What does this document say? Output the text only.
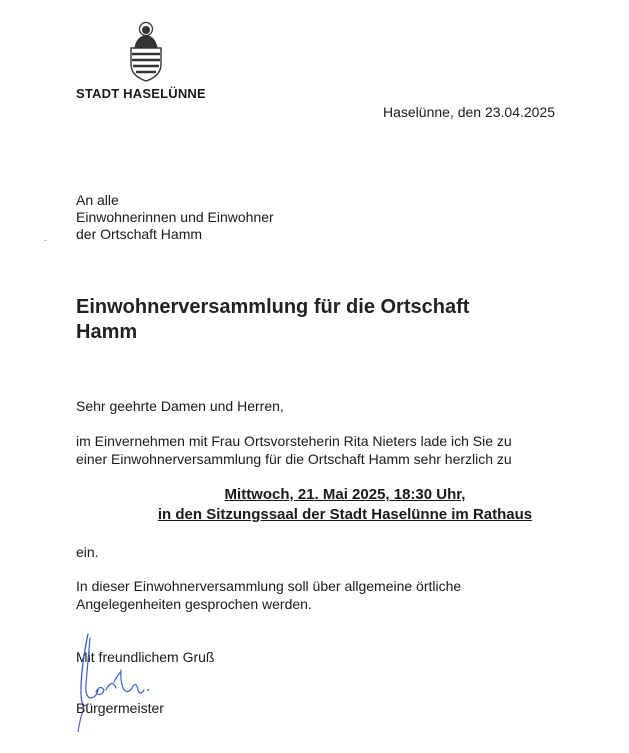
STADT HASELÜNNE
Haselünne, den 23.04.2025
An alle
Einwohnerinnen und Einwohner
der Ortschaft Hamm
Einwohnerversammlung für die Ortschaft
Hamm
Sehr geehrte Damen und Herren,
im Einvernehmen mit Frau Ortsvorsteherin Rita Nieters lade ich Sie zu
einer Einwohnerversammlung für die Ortschaft Hamm sehr herzlich zu
Mittwoch, 21. Mai 2025, 18:30 Uhr,
in den Sitzungssaal der Stadt Haselünne im Rathaus
ein.
In dieser Einwohnerversammlung soll über allgemeine örtliche
Angelegenheiten gesprochen werden.
Mit freundlichem Gruß
Bürgermeister
